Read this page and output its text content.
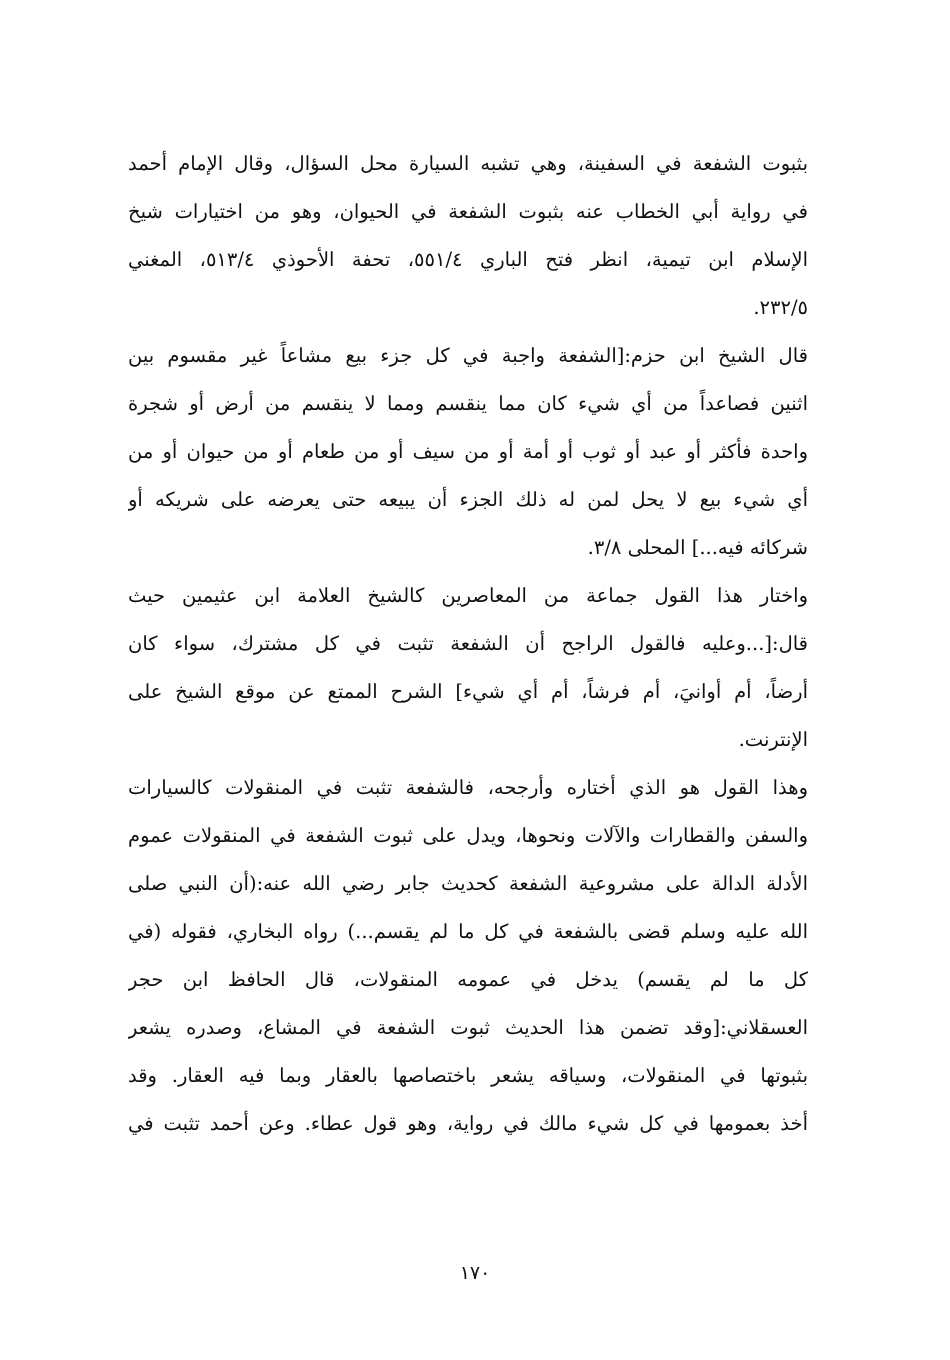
بثبوت الشفعة في السفينة، وهي تشبه السيارة محل السؤال، وقال الإمام أحمد
في رواية أبي الخطاب عنه بثبوت الشفعة في الحيوان، وهو من اختيارات شيخ
الإسلام ابن تيمية، انظر فتح الباري ٥٥١/٤، تحفة الأحوذي ٥١٣/٤، المغني
٢٣٢/٥.
قال الشيخ ابن حزم:[الشفعة واجبة في كل جزء بيع مشاعاً غير مقسوم بين
اثنين فصاعداً من أي شيء كان مما ينقسم ومما لا ينقسم من أرض أو شجرة
واحدة فأكثر أو عبد أو ثوب أو أمة أو من سيف أو من طعام أو من حيوان أو من
أي شيء بيع لا يحل لمن له ذلك الجزء أن يبيعه حتى يعرضه على شريكه أو
شركائه فيه...] المحلى ٣/٨.
واختار هذا القول جماعة من المعاصرين كالشيخ العلامة ابن عثيمين حيث
قال:[...وعليه فالقول الراجح أن الشفعة تثبت في كل مشترك، سواء كان
أرضاً، أم أوانيَ، أم فرشاً، أم أي شيء] الشرح الممتع عن موقع الشيخ على
الإنترنت.
وهذا القول هو الذي أختاره وأرجحه، فالشفعة تثبت في المنقولات كالسيارات
والسفن والقطارات والآلات ونحوها، ويدل على ثبوت الشفعة في المنقولات عموم
الأدلة الدالة على مشروعية الشفعة كحديث جابر رضي الله عنه:(أن النبي صلى
الله عليه وسلم قضى بالشفعة في كل ما لم يقسم...) رواه البخاري، فقوله (في
كل ما لم يقسم) يدخل في عمومه المنقولات، قال الحافظ ابن حجر
العسقلاني:[وقد تضمن هذا الحديث ثبوت الشفعة في المشاع، وصدره يشعر
بثبوتها في المنقولات، وسياقه يشعر باختصاصها بالعقار وبما فيه العقار. وقد
أخذ بعمومها في كل شيء مالك في رواية، وهو قول عطاء. وعن أحمد تثبت في
١٧٠
